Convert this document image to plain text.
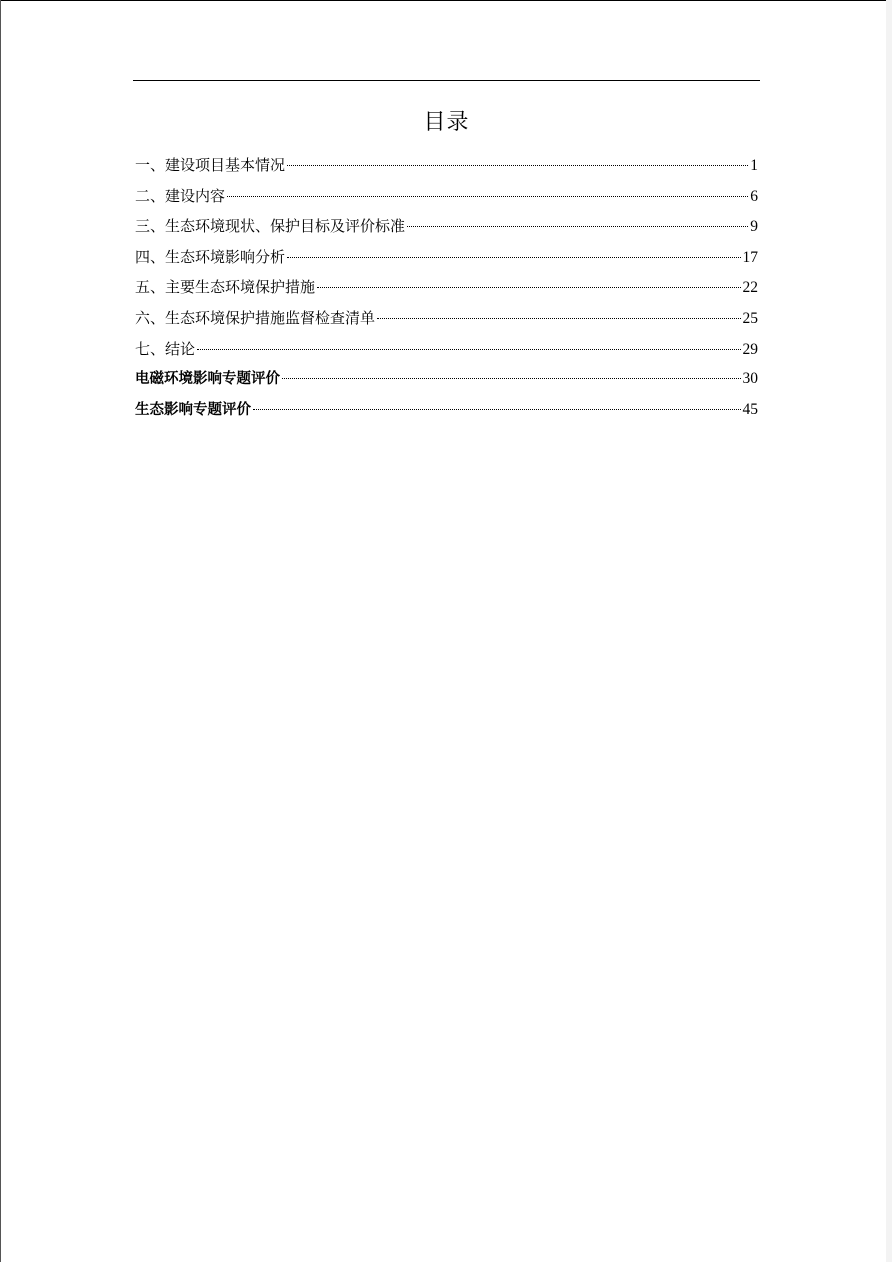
目录
一、建设项目基本情况	1
二、建设内容	6
三、生态环境现状、保护目标及评价标准	9
四、生态环境影响分析	17
五、主要生态环境保护措施	22
六、生态环境保护措施监督检查清单	25
七、结论	29
电磁环境影响专题评价	30
生态影响专题评价	45
